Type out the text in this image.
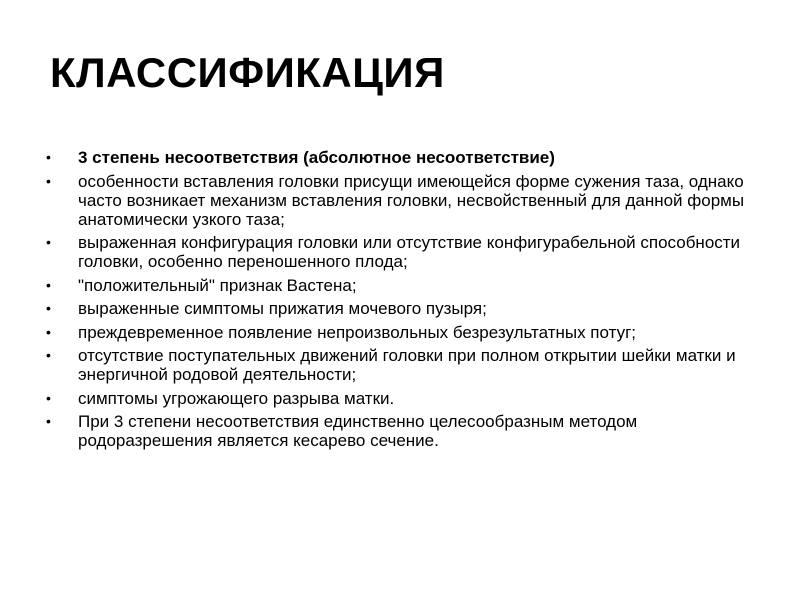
КЛАССИФИКАЦИЯ
• 3 степень несоответствия (абсолютное несоответствие)
• особенности вставления головки присущи имеющейся форме сужения таза, однако часто возникает механизм вставления головки, несвойственный для данной формы анатомически узкого таза;
• выраженная конфигурация головки или отсутствие конфигурабельной способности головки, особенно переношенного плода;
• "положительный" признак Вастена;
• выраженные симптомы прижатия мочевого пузыря;
• преждевременное появление непроизвольных безрезультатных потуг;
• отсутствие поступательных движений головки при полном открытии шейки матки и энергичной родовой деятельности;
• симптомы угрожающего разрыва матки.
• При 3 степени несоответствия единственно целесообразным методом родоразрешения является кесарево сечение.
